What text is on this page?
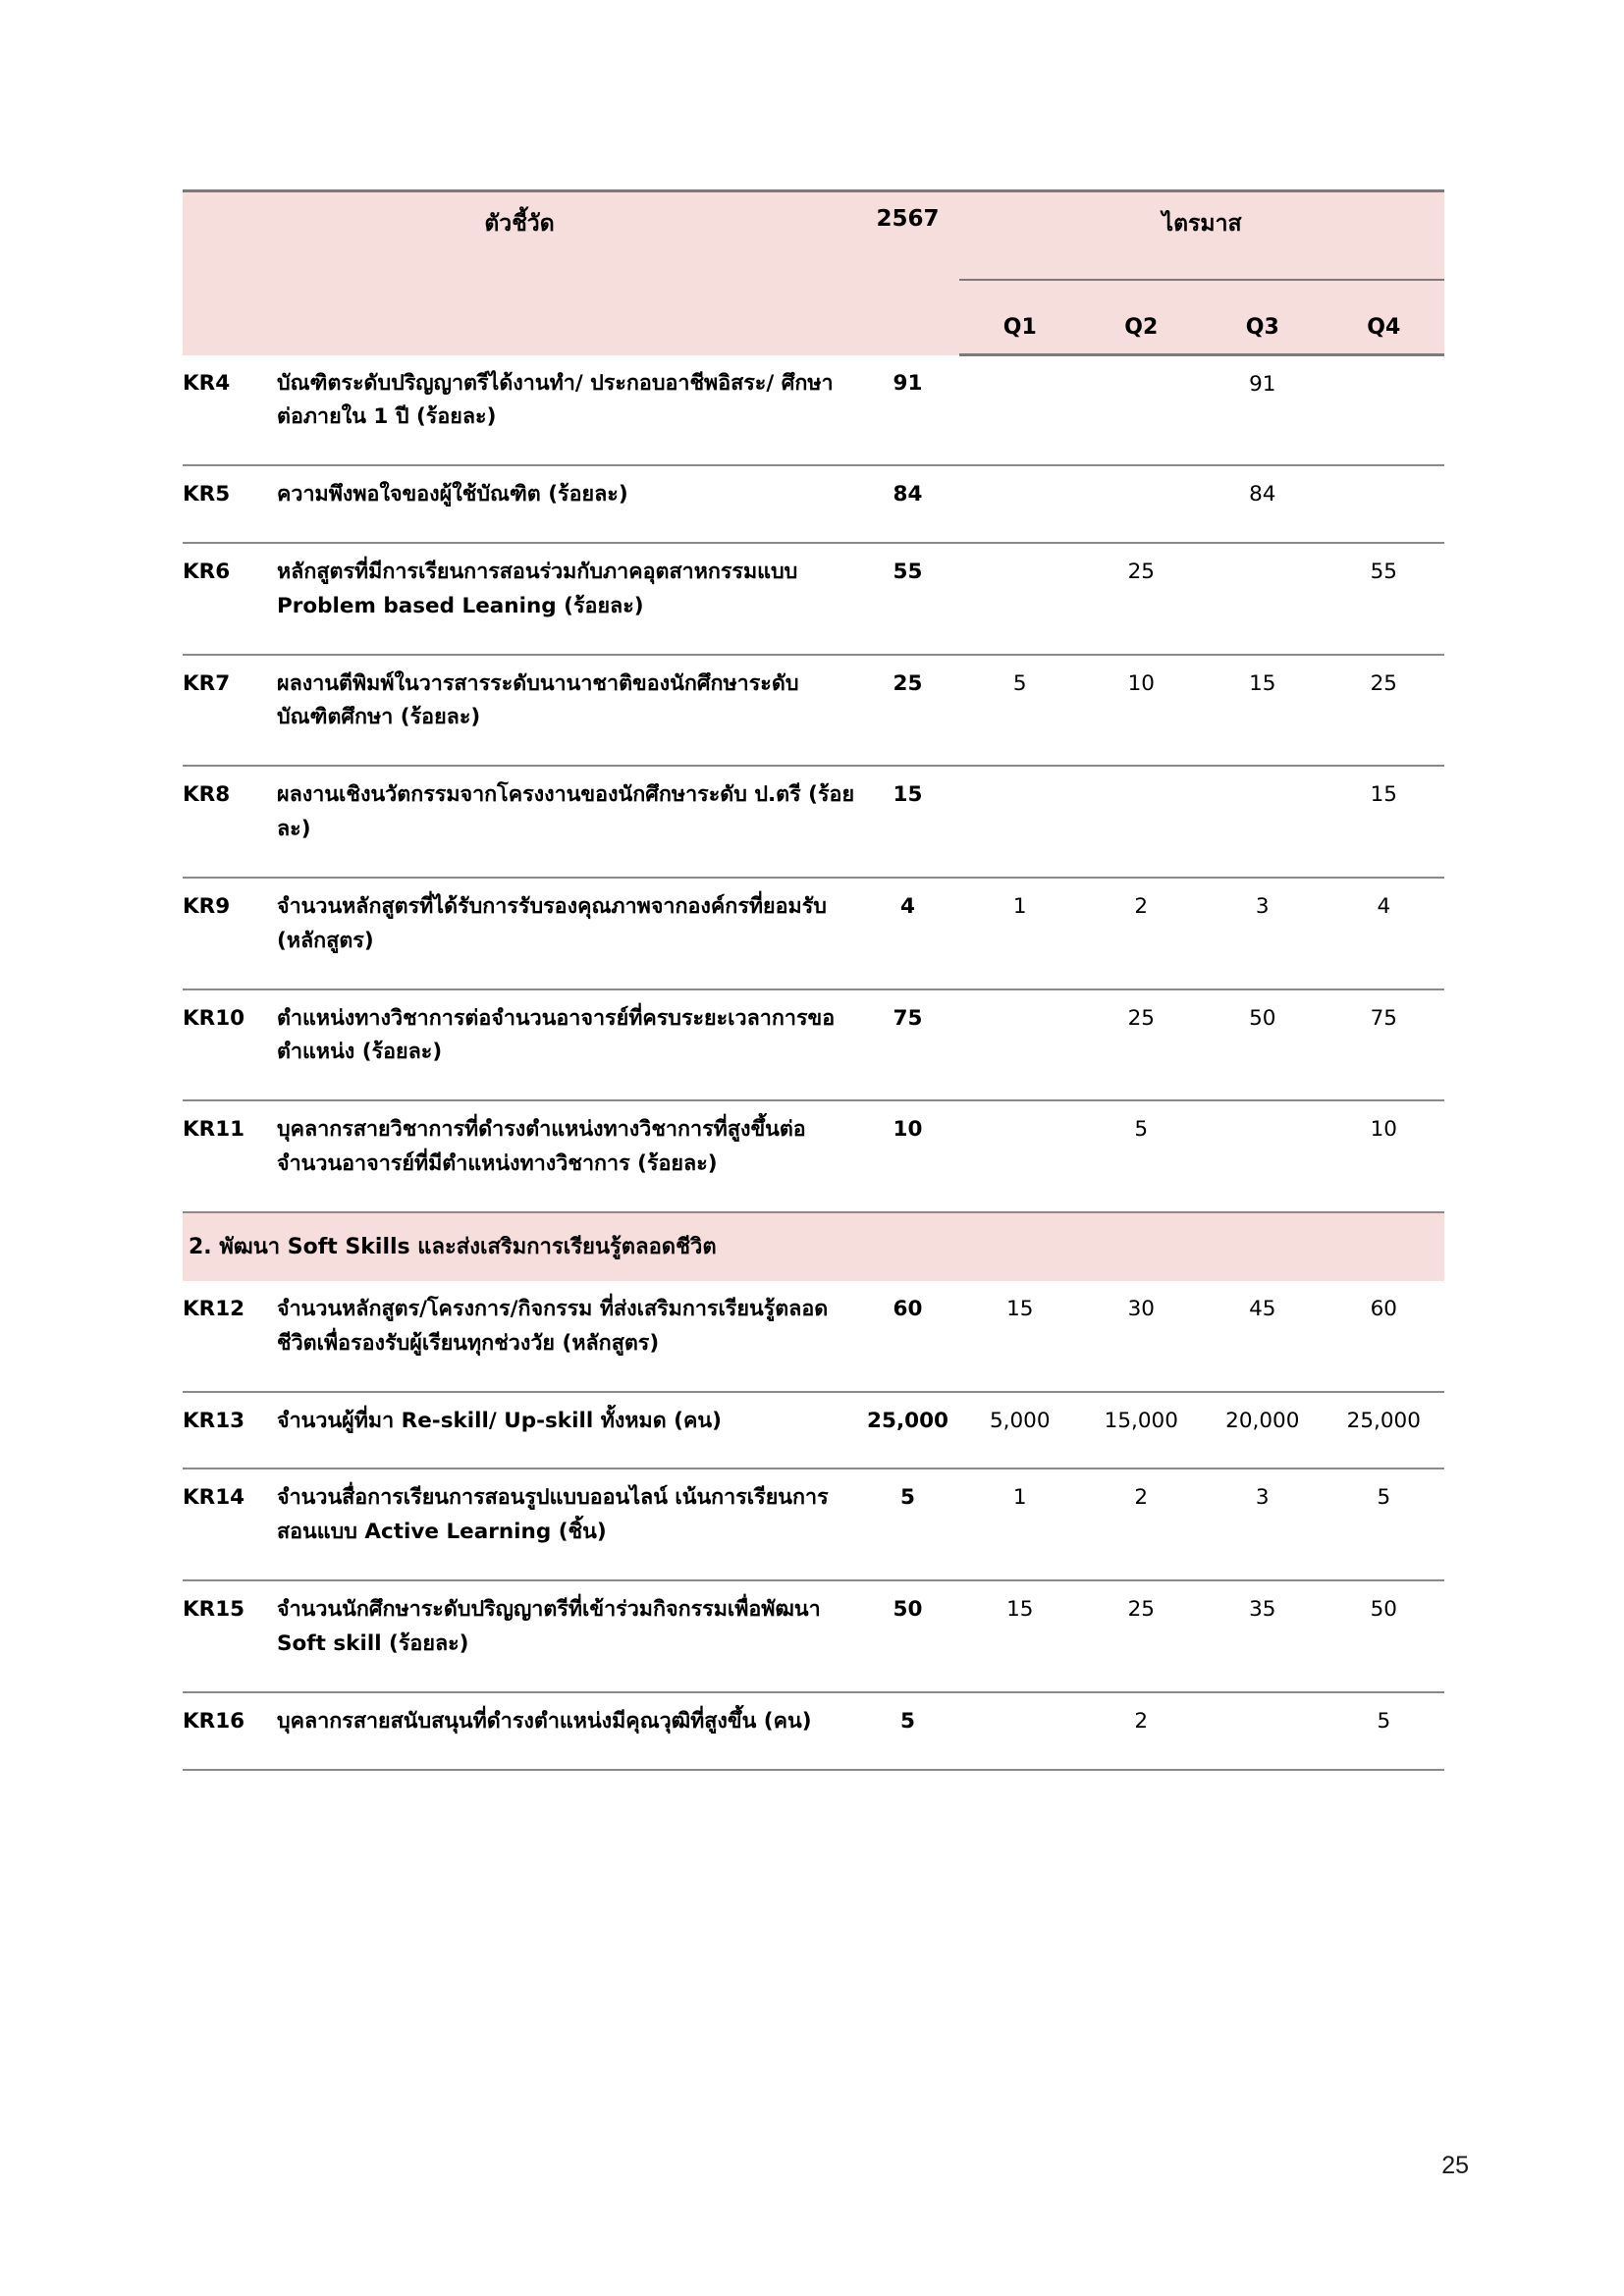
ตัวชี้วัด		2567	ไตรมาส			
			Q1	Q2	Q3	Q4
KR4	บัณฑิตระดับปริญญาตรีได้งานทำ/ ประกอบอาชีพอิสระ/ ศึกษาต่อภายใน 1 ปี (ร้อยละ)	91			91	
KR5	ความพึงพอใจของผู้ใช้บัณฑิต (ร้อยละ)	84			84	
KR6	หลักสูตรที่มีการเรียนการสอนร่วมกับภาคอุตสาหกรรมแบบ Problem based Leaning (ร้อยละ)	55		25		55
KR7	ผลงานตีพิมพ์ในวารสารระดับนานาชาติของนักศึกษาระดับบัณฑิตศึกษา (ร้อยละ)	25	5	10	15	25
KR8	ผลงานเชิงนวัตกรรมจากโครงงานของนักศึกษาระดับ ป.ตรี (ร้อยละ)	15				15
KR9	จำนวนหลักสูตรที่ได้รับการรับรองคุณภาพจากองค์กรที่ยอมรับ (หลักสูตร)	4	1	2	3	4
KR10	ตำแหน่งทางวิชาการต่อจำนวนอาจารย์ที่ครบระยะเวลาการขอตำแหน่ง (ร้อยละ)	75		25	50	75
KR11	บุคลากรสายวิชาการที่ดำรงตำแหน่งทางวิชาการที่สูงขึ้นต่อจำนวนอาจารย์ที่มีตำแหน่งทางวิชาการ (ร้อยละ)	10		5		10
2. พัฒนา Soft Skills และส่งเสริมการเรียนรู้ตลอดชีวิต						
KR12	จำนวนหลักสูตร/โครงการ/กิจกรรม ที่ส่งเสริมการเรียนรู้ตลอดชีวิตเพื่อรองรับผู้เรียนทุกช่วงวัย (หลักสูตร)	60	15	30	45	60
KR13	จำนวนผู้ที่มา Re-skill/ Up-skill ทั้งหมด (คน)	25,000	5,000	15,000	20,000	25,000
KR14	จำนวนสื่อการเรียนการสอนรูปแบบออนไลน์ เน้นการเรียนการสอนแบบ Active Learning (ชิ้น)	5	1	2	3	5
KR15	จำนวนนักศึกษาระดับปริญญาตรีที่เข้าร่วมกิจกรรมเพื่อพัฒนา Soft skill (ร้อยละ)	50	15	25	35	50
KR16	บุคลากรสายสนับสนุนที่ดำรงตำแหน่งมีคุณวุฒิที่สูงขึ้น (คน)	5		2		5
25
